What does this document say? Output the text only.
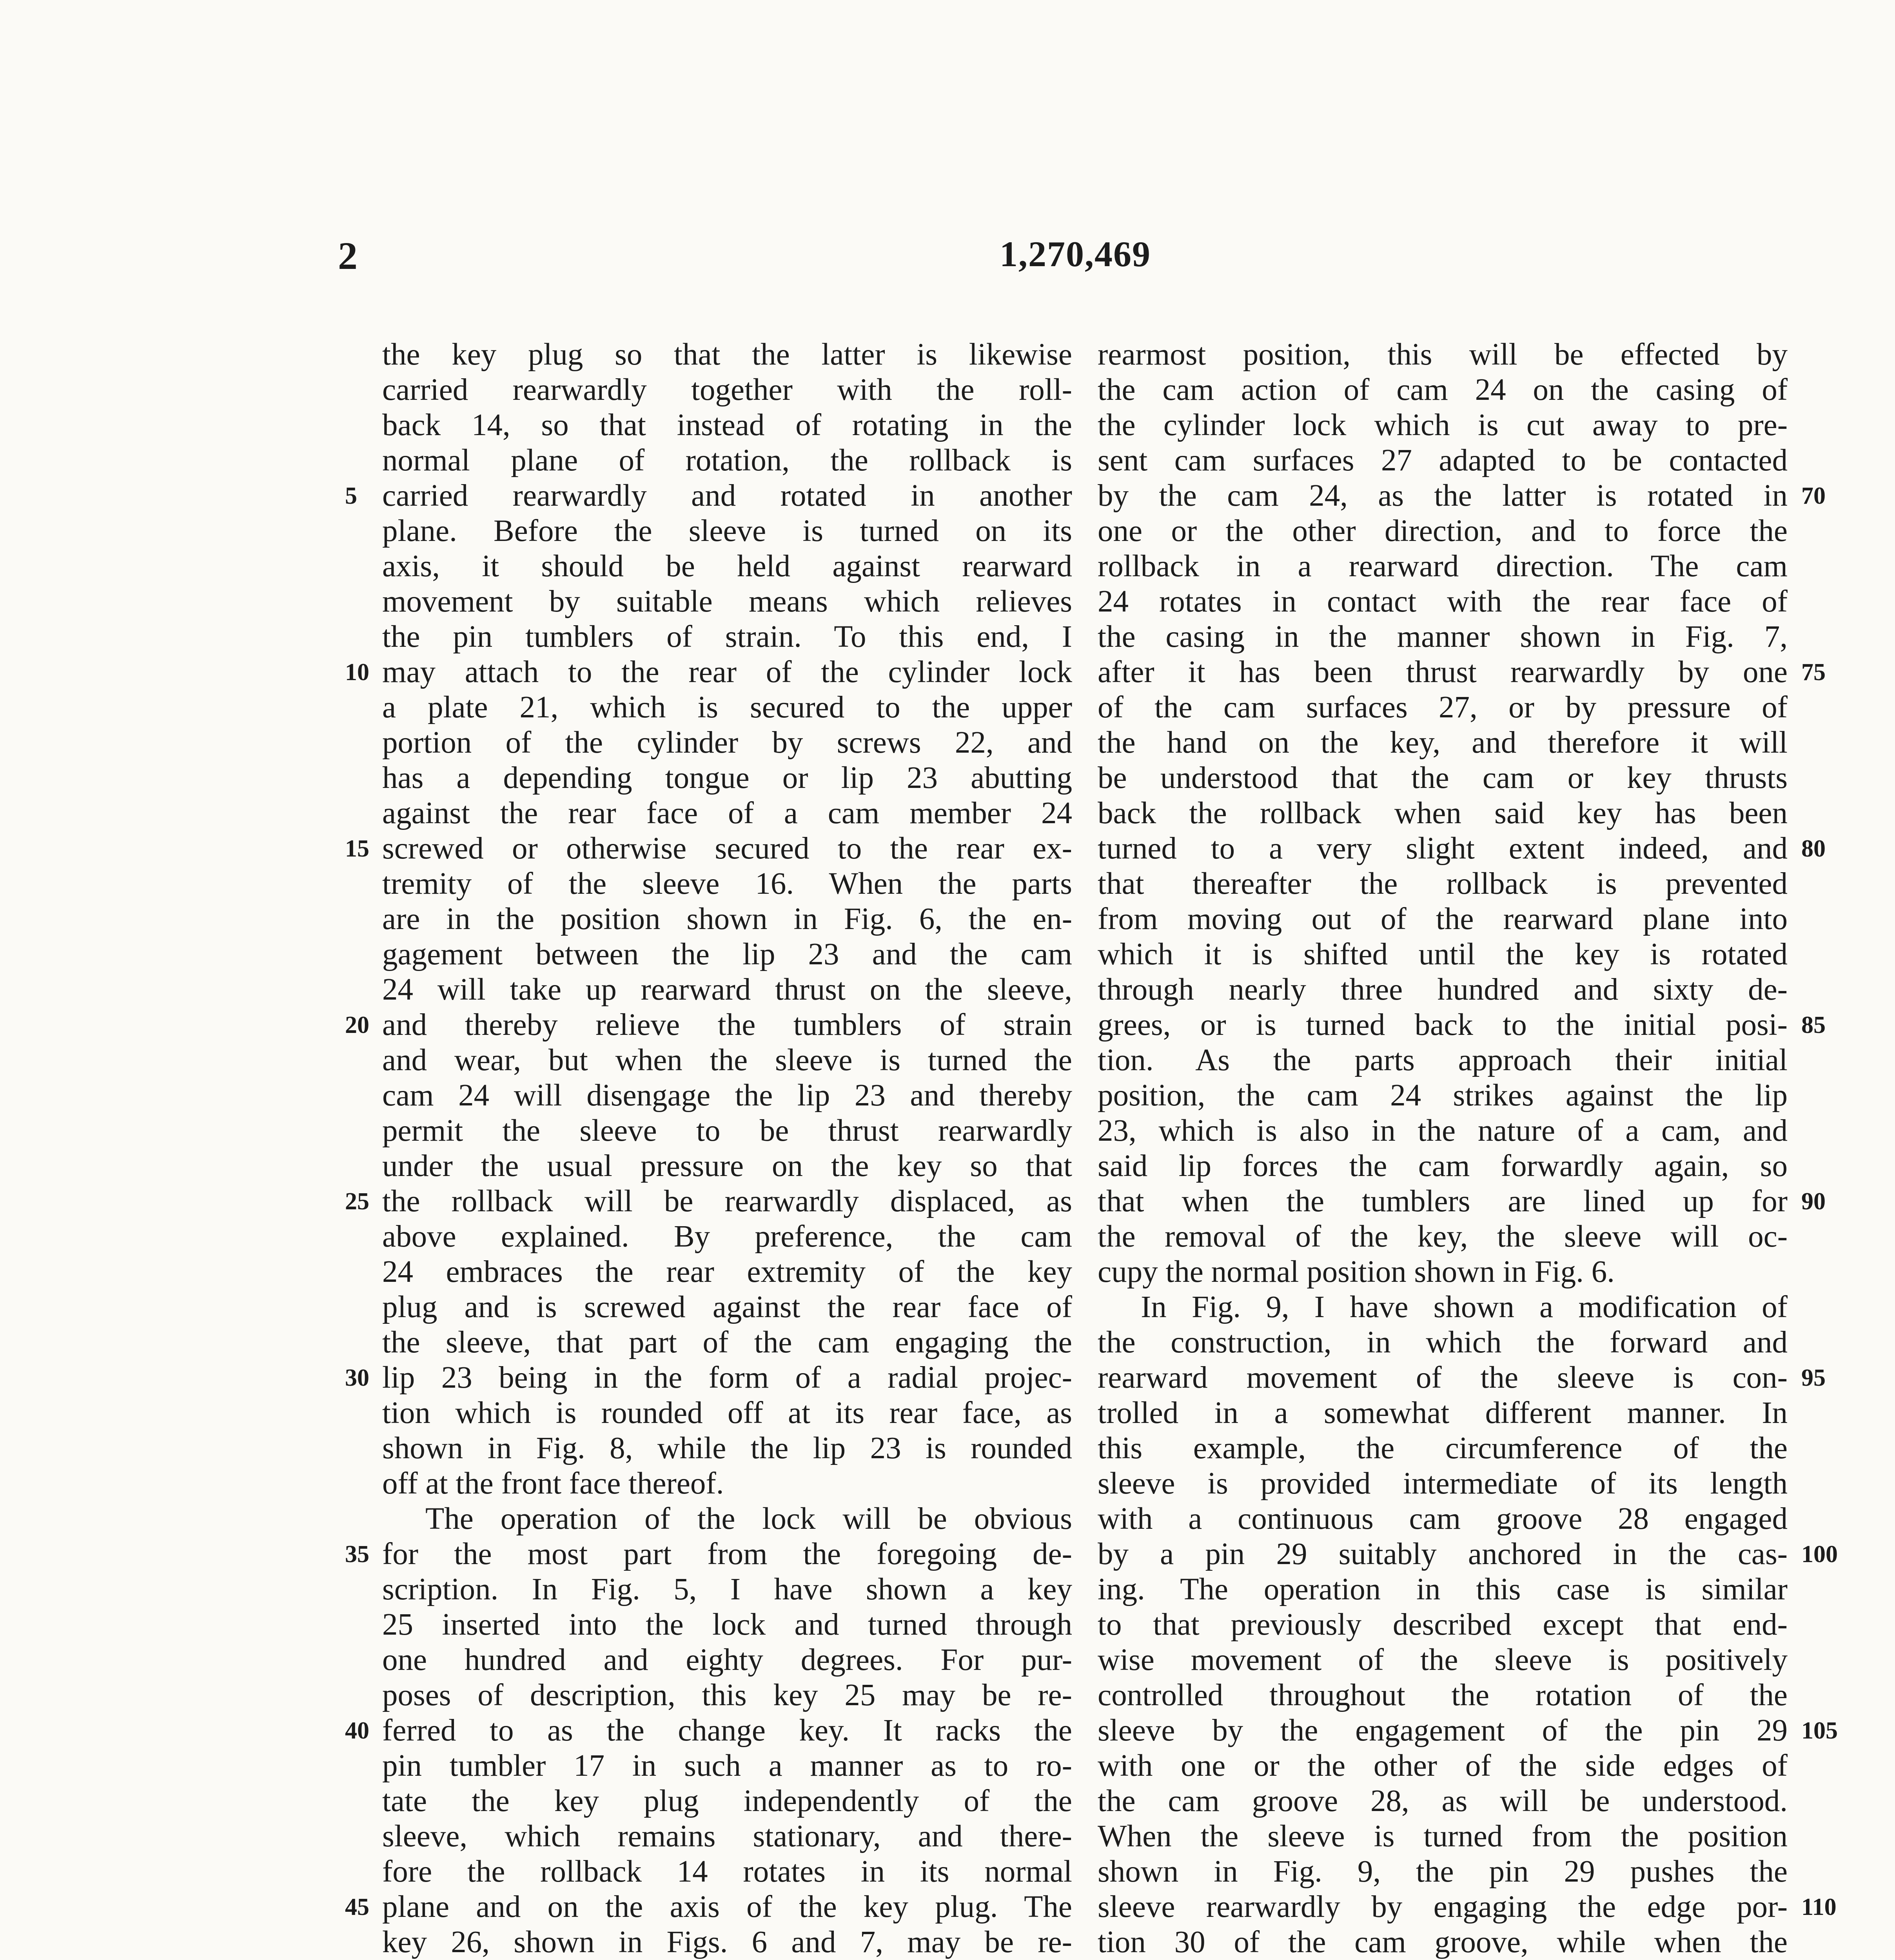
2	1,270,469
the key plug so that the latter is likewise
carried rearwardly together with the roll-
back 14, so that instead of rotating in the
normal plane of rotation, the rollback is
carried rearwardly and rotated in another
plane. Before the sleeve is turned on its
axis, it should be held against rearward
movement by suitable means which relieves
the pin tumblers of strain. To this end, I
may attach to the rear of the cylinder lock
a plate 21, which is secured to the upper
portion of the cylinder by screws 22, and
has a depending tongue or lip 23 abutting
against the rear face of a cam member 24
screwed or otherwise secured to the rear ex-
tremity of the sleeve 16. When the parts
are in the position shown in Fig. 6, the en-
gagement between the lip 23 and the cam
24 will take up rearward thrust on the sleeve,
and thereby relieve the tumblers of strain
and wear, but when the sleeve is turned the
cam 24 will disengage the lip 23 and thereby
permit the sleeve to be thrust rearwardly
under the usual pressure on the key so that
the rollback will be rearwardly displaced, as
above explained. By preference, the cam
24 embraces the rear extremity of the key
plug and is screwed against the rear face of
the sleeve, that part of the cam engaging the
lip 23 being in the form of a radial projec-
tion which is rounded off at its rear face, as
shown in Fig. 8, while the lip 23 is rounded
off at the front face thereof.
The operation of the lock will be obvious
for the most part from the foregoing de-
scription. In Fig. 5, I have shown a key
25 inserted into the lock and turned through
one hundred and eighty degrees. For pur-
poses of description, this key 25 may be re-
ferred to as the change key. It racks the
pin tumbler 17 in such a manner as to ro-
tate the key plug independently of the
sleeve, which remains stationary, and there-
fore the rollback 14 rotates in its normal
plane and on the axis of the key plug. The
key 26, shown in Figs. 6 and 7, may be re-
rearmost position, this will be effected by
the cam action of cam 24 on the casing of
the cylinder lock which is cut away to pre-
sent cam surfaces 27 adapted to be contacted
by the cam 24, as the latter is rotated in
one or the other direction, and to force the
rollback in a rearward direction. The cam
24 rotates in contact with the rear face of
the casing in the manner shown in Fig. 7,
after it has been thrust rearwardly by one
of the cam surfaces 27, or by pressure of
the hand on the key, and therefore it will
be understood that the cam or key thrusts
back the rollback when said key has been
turned to a very slight extent indeed, and
that thereafter the rollback is prevented
from moving out of the rearward plane into
which it is shifted until the key is rotated
through nearly three hundred and sixty de-
grees, or is turned back to the initial posi-
tion. As the parts approach their initial
position, the cam 24 strikes against the lip
23, which is also in the nature of a cam, and
said lip forces the cam forwardly again, so
that when the tumblers are lined up for
the removal of the key, the sleeve will oc-
cupy the normal position shown in Fig. 6.
In Fig. 9, I have shown a modification of
the construction, in which the forward and
rearward movement of the sleeve is con-
trolled in a somewhat different manner. In
this example, the circumference of the
sleeve is provided intermediate of its length
with a continuous cam groove 28 engaged
by a pin 29 suitably anchored in the cas-
ing. The operation in this case is similar
to that previously described except that end-
wise movement of the sleeve is positively
controlled throughout the rotation of the
sleeve by the engagement of the pin 29
with one or the other of the side edges of
the cam groove 28, as will be understood.
When the sleeve is turned from the position
shown in Fig. 9, the pin 29 pushes the
sleeve rearwardly by engaging the edge por-
tion 30 of the cam groove, while when the
5
10
15
20
25
30
35
40
45
70
75
80
85
90
95
100
105
110
